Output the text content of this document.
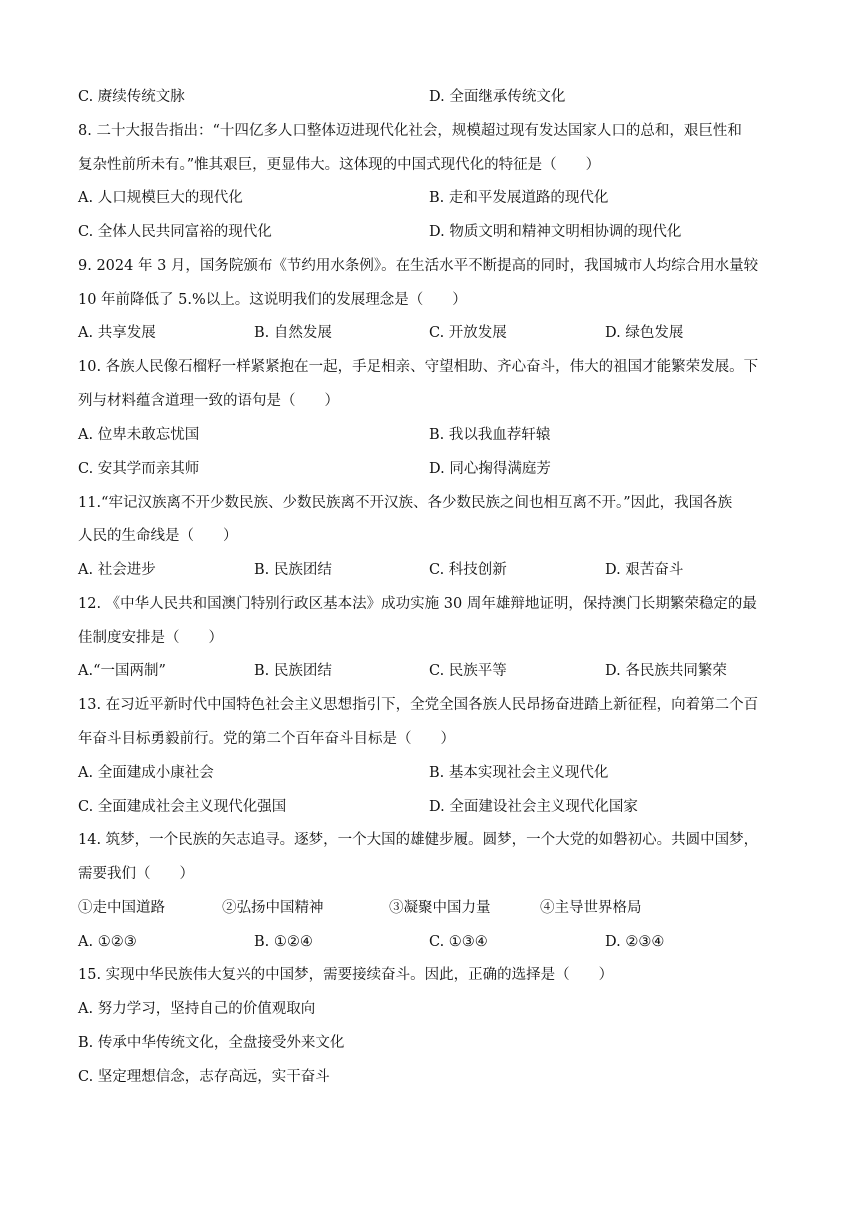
C. 赓续传统文脉	D. 全面继承传统文化
8. 二十大报告指出：“十四亿多人口整体迈进现代化社会，规模超过现有发达国家人口的总和，艰巨性和
复杂性前所未有。”惟其艰巨，更显伟大。这体现的中国式现代化的特征是（　　）
A. 人口规模巨大的现代化	B. 走和平发展道路的现代化
C. 全体人民共同富裕的现代化	D. 物质文明和精神文明相协调的现代化
9. 2024 年 3 月，国务院颁布《节约用水条例》。在生活水平不断提高的同时，我国城市人均综合用水量较
10 年前降低了 5.%以上。这说明我们的发展理念是（　　）
A. 共享发展	B. 自然发展	C. 开放发展	D. 绿色发展
10. 各族人民像石榴籽一样紧紧抱在一起，手足相亲、守望相助、齐心奋斗，伟大的祖国才能繁荣发展。下
列与材料蕴含道理一致的语句是（　　）
A. 位卑未敢忘忧国	B. 我以我血荐轩辕
C. 安其学而亲其师	D. 同心掬得满庭芳
11.“牢记汉族离不开少数民族、少数民族离不开汉族、各少数民族之间也相互离不开。”因此，我国各族
人民的生命线是（　　）
A. 社会进步	B. 民族团结	C. 科技创新	D. 艰苦奋斗
12. 《中华人民共和国澳门特别行政区基本法》成功实施 30 周年雄辩地证明，保持澳门长期繁荣稳定的最
佳制度安排是（　　）
A.“一国两制”	B. 民族团结	C. 民族平等	D. 各民族共同繁荣
13. 在习近平新时代中国特色社会主义思想指引下，全党全国各族人民昂扬奋进踏上新征程，向着第二个百
年奋斗目标勇毅前行。党的第二个百年奋斗目标是（　　）
A. 全面建成小康社会	B. 基本实现社会主义现代化
C. 全面建成社会主义现代化强国	D. 全面建设社会主义现代化国家
14. 筑梦，一个民族的矢志追寻。逐梦，一个大国的雄健步履。圆梦，一个大党的如磐初心。共圆中国梦，
需要我们（　　）
①走中国道路	②弘扬中国精神	③凝聚中国力量	④主导世界格局
A. ①②③	B. ①②④	C. ①③④	D. ②③④
15. 实现中华民族伟大复兴的中国梦，需要接续奋斗。因此，正确的选择是（　　）
A. 努力学习，坚持自己的价值观取向
B. 传承中华传统文化，全盘接受外来文化
C. 坚定理想信念，志存高远，实干奋斗
